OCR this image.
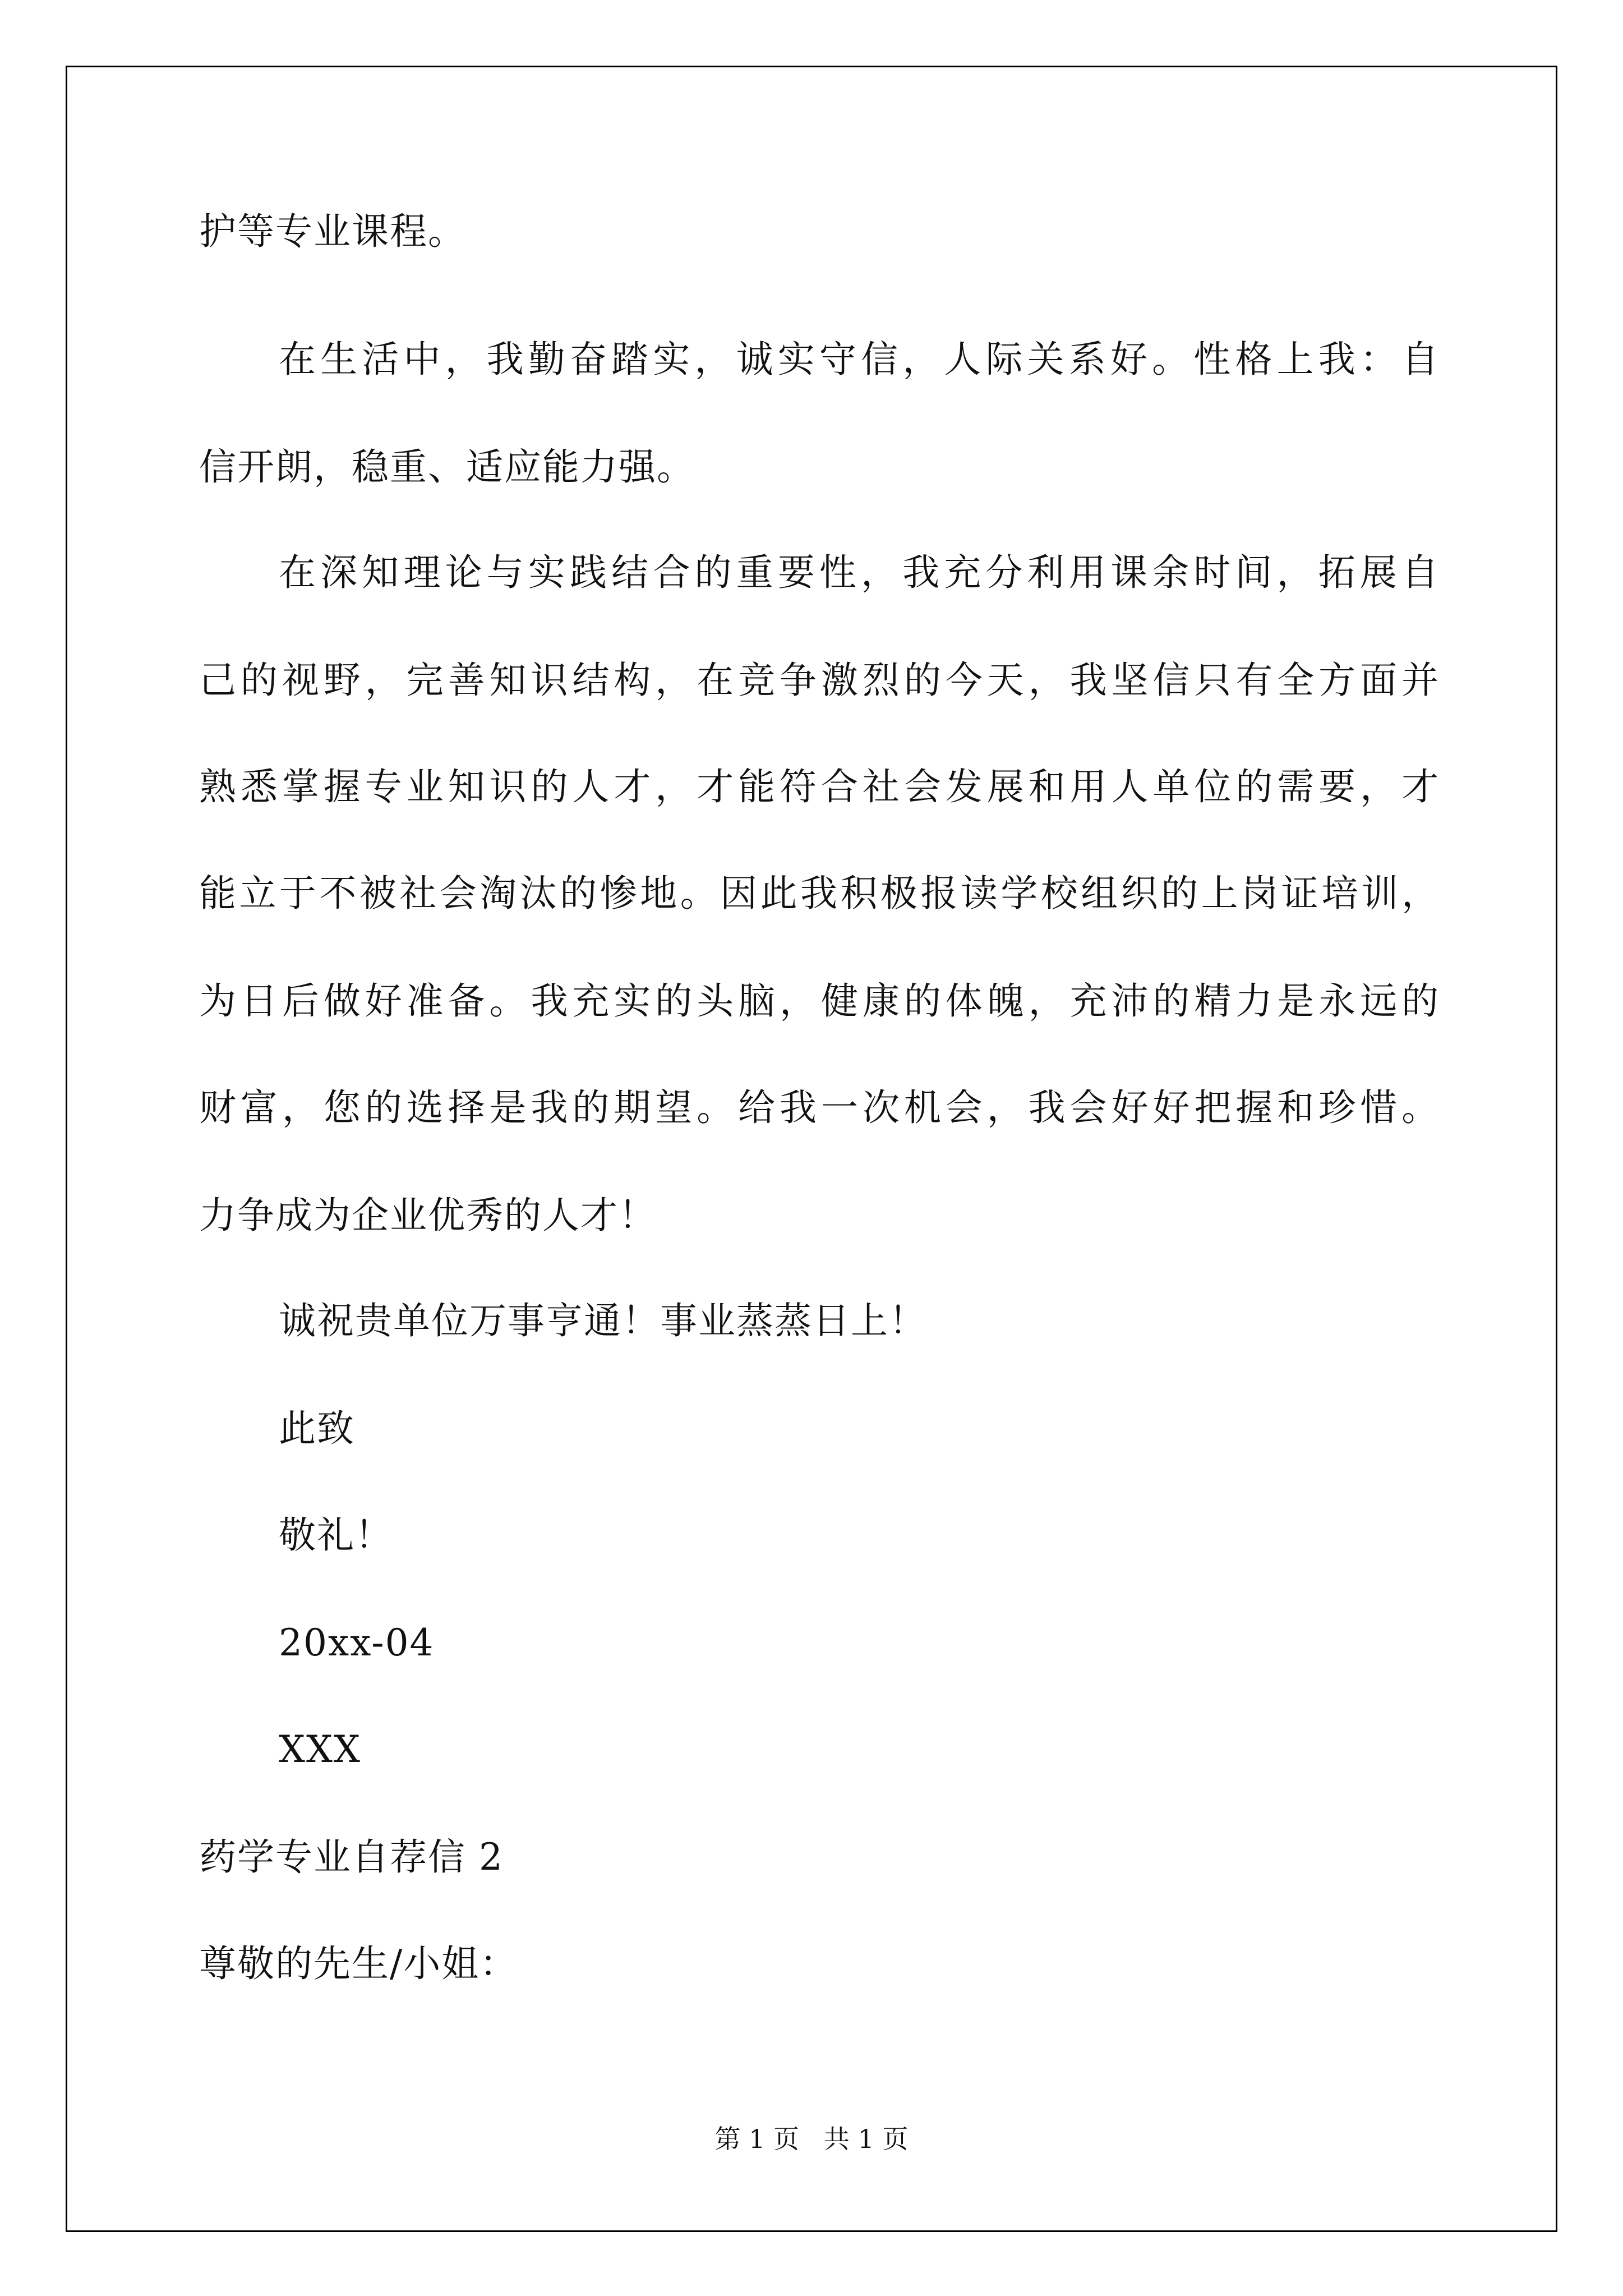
护等专业课程。
在生活中，我勤奋踏实，诚实守信，人际关系好。性格上我：自
信开朗，稳重、适应能力强。
在深知理论与实践结合的重要性，我充分利用课余时间，拓展自
己的视野，完善知识结构，在竞争激烈的今天，我坚信只有全方面并
熟悉掌握专业知识的人才，才能符合社会发展和用人单位的需要，才
能立于不被社会淘汰的惨地。因此我积极报读学校组织的上岗证培训，
为日后做好准备。我充实的头脑，健康的体魄，充沛的精力是永远的
财富，您的选择是我的期望。给我一次机会，我会好好把握和珍惜。
力争成为企业优秀的人才！
诚祝贵单位万事亨通！事业蒸蒸日上！
此致
敬礼！
20xx-04
XXX
药学专业自荐信 2
尊敬的先生/小姐：
第 1 页   共 1 页
